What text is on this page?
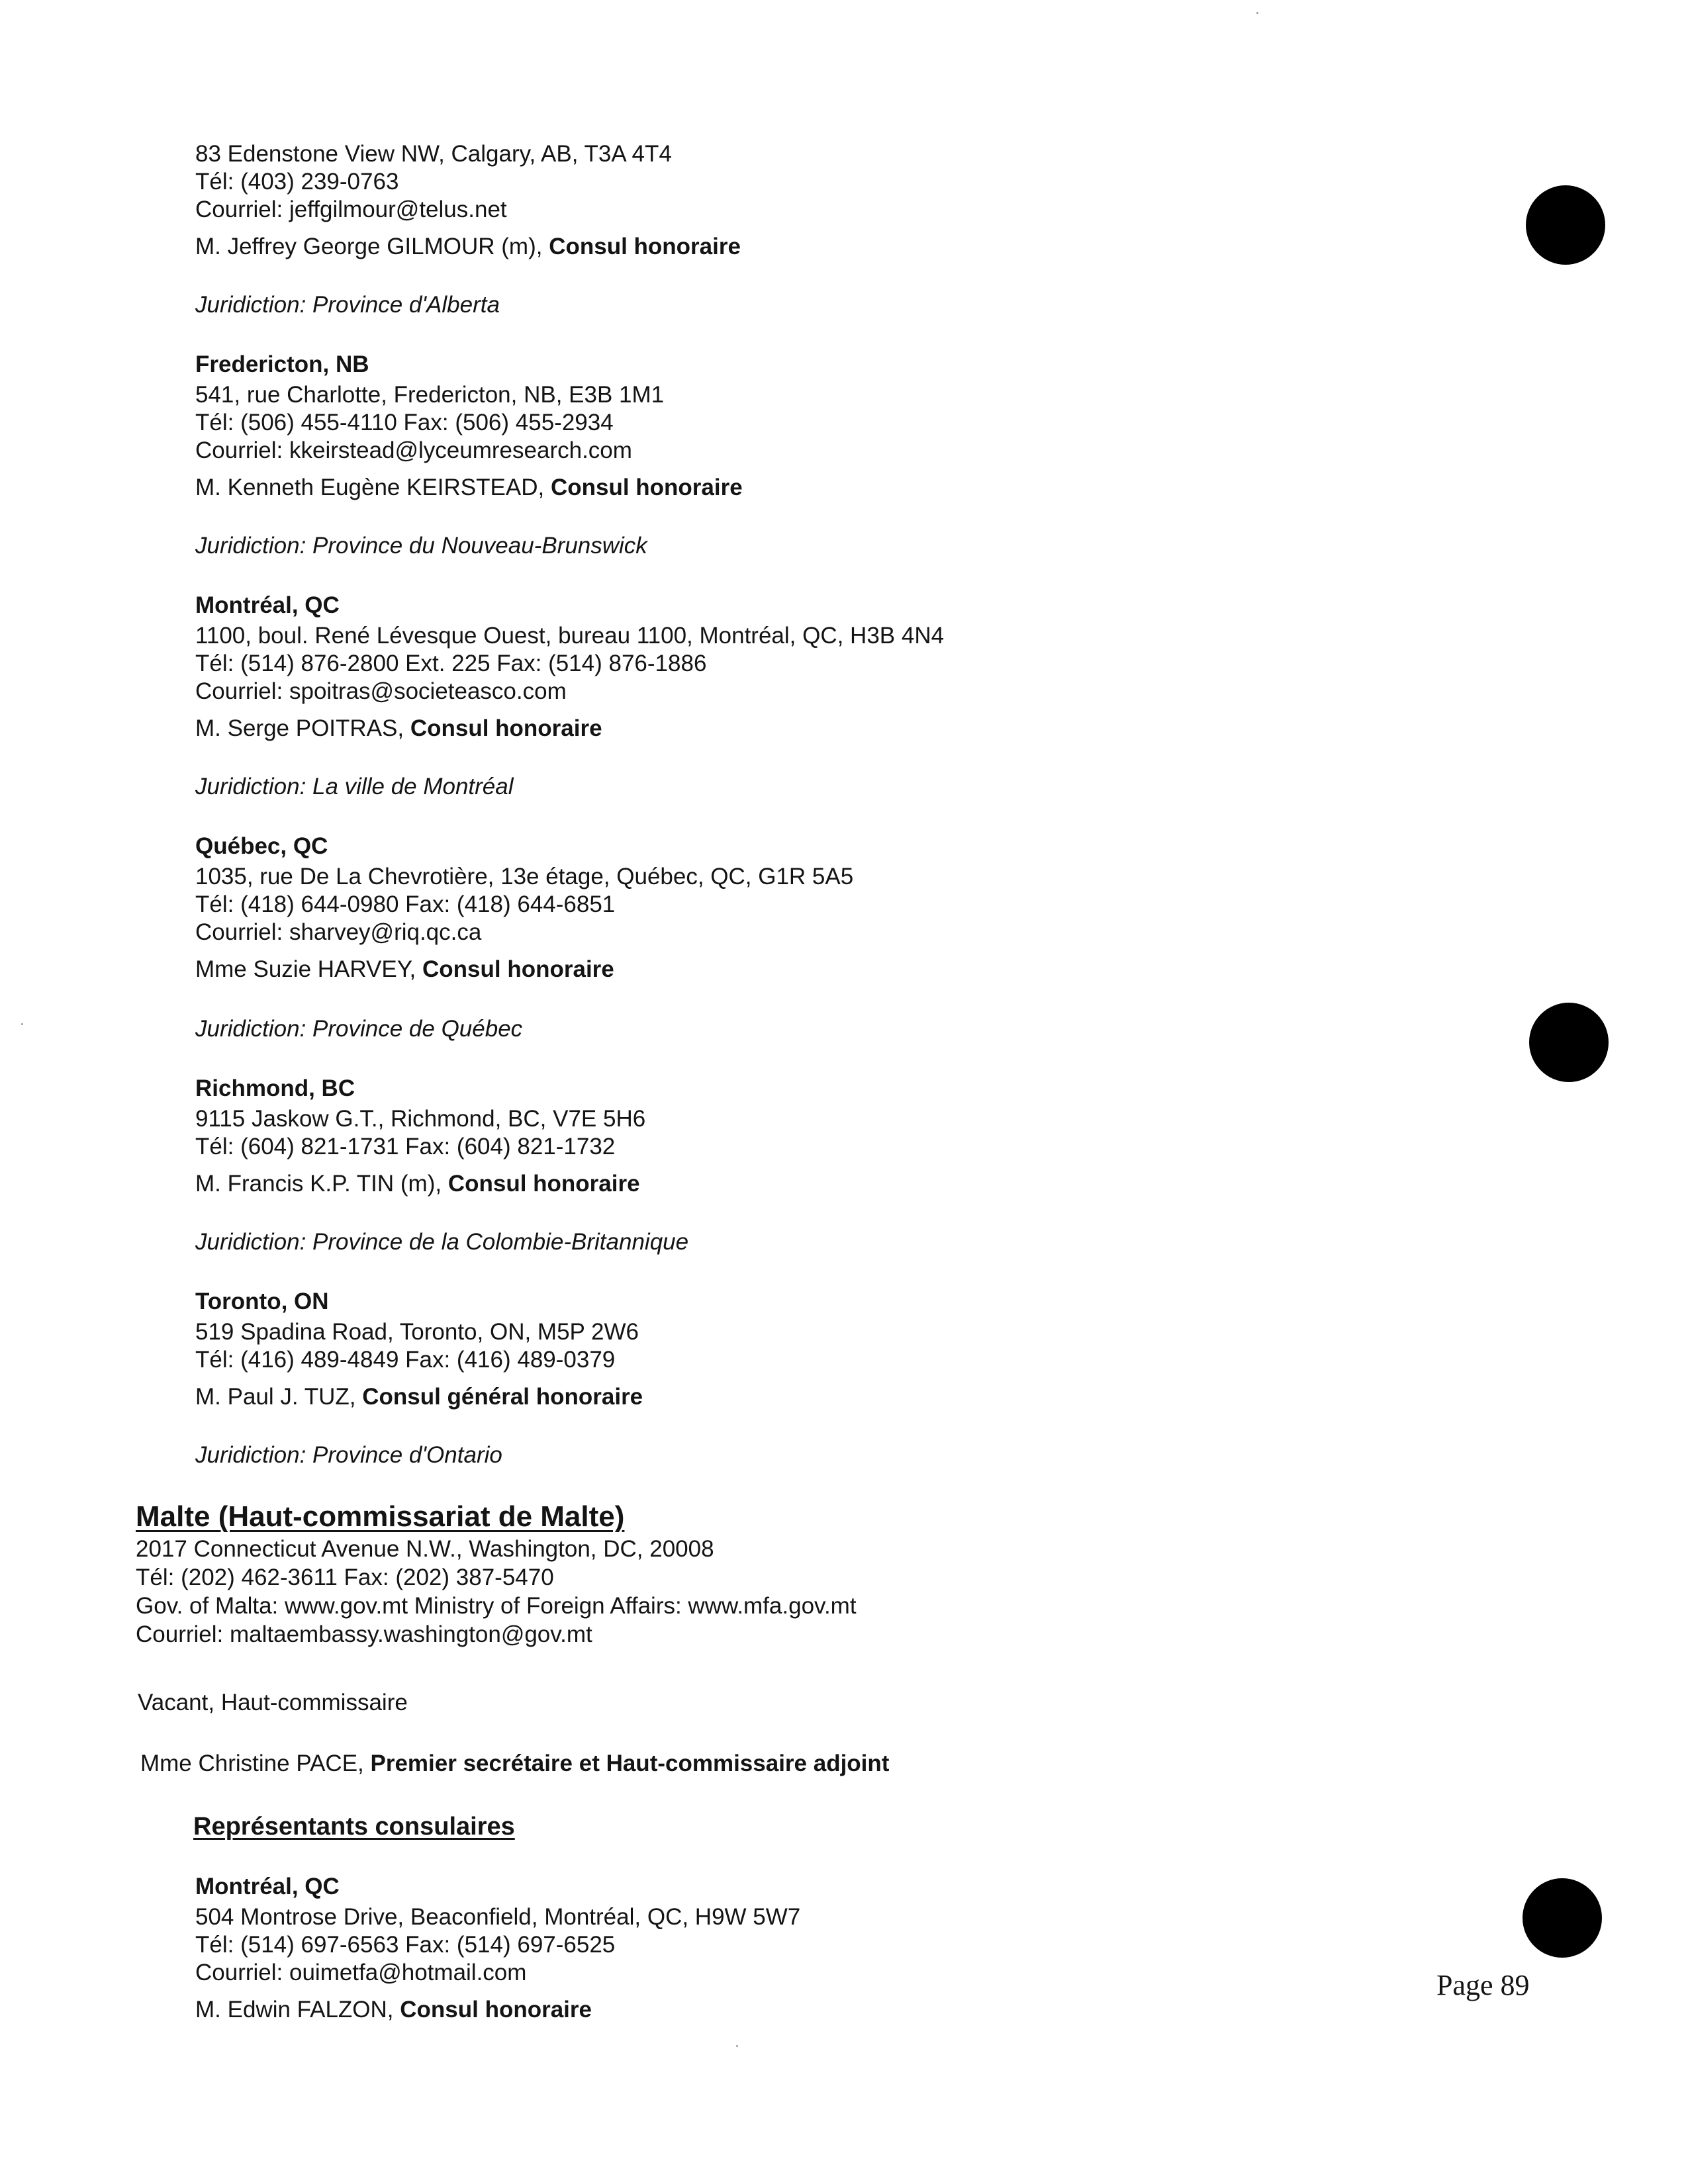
83 Edenstone View NW, Calgary, AB, T3A 4T4
Tél: (403) 239-0763
Courriel: jeffgilmour@telus.net
M. Jeffrey George GILMOUR (m), Consul honoraire
Juridiction: Province d'Alberta
Fredericton, NB
541, rue Charlotte, Fredericton, NB, E3B 1M1
Tél: (506) 455-4110 Fax: (506) 455-2934
Courriel: kkeirstead@lyceumresearch.com
M. Kenneth Eugène KEIRSTEAD, Consul honoraire
Juridiction: Province du Nouveau-Brunswick
Montréal, QC
1100, boul. René Lévesque Ouest, bureau 1100, Montréal, QC, H3B 4N4
Tél: (514) 876-2800 Ext. 225 Fax: (514) 876-1886
Courriel: spoitras@societeasco.com
M. Serge POITRAS, Consul honoraire
Juridiction: La ville de Montréal
Québec, QC
1035, rue De La Chevrotière, 13e étage, Québec, QC, G1R 5A5
Tél: (418) 644-0980 Fax: (418) 644-6851
Courriel: sharvey@riq.qc.ca
Mme Suzie HARVEY, Consul honoraire
Juridiction: Province de Québec
Richmond, BC
9115 Jaskow G.T., Richmond, BC, V7E 5H6
Tél: (604) 821-1731 Fax: (604) 821-1732
M. Francis K.P. TIN (m), Consul honoraire
Juridiction: Province de la Colombie-Britannique
Toronto, ON
519 Spadina Road, Toronto, ON, M5P 2W6
Tél: (416) 489-4849 Fax: (416) 489-0379
M. Paul J. TUZ, Consul général honoraire
Juridiction: Province d'Ontario
Malte (Haut-commissariat de Malte)
2017 Connecticut Avenue N.W., Washington, DC, 20008
Tél: (202) 462-3611 Fax: (202) 387-5470
Gov. of Malta: www.gov.mt Ministry of Foreign Affairs: www.mfa.gov.mt
Courriel: maltaembassy.washington@gov.mt
Vacant, Haut-commissaire
Mme Christine PACE, Premier secrétaire et Haut-commissaire adjoint
Représentants consulaires
Montréal, QC
504 Montrose Drive, Beaconfield, Montréal, QC, H9W 5W7
Tél: (514) 697-6563 Fax: (514) 697-6525
Courriel: ouimetfa@hotmail.com
M. Edwin FALZON, Consul honoraire
Page 89
